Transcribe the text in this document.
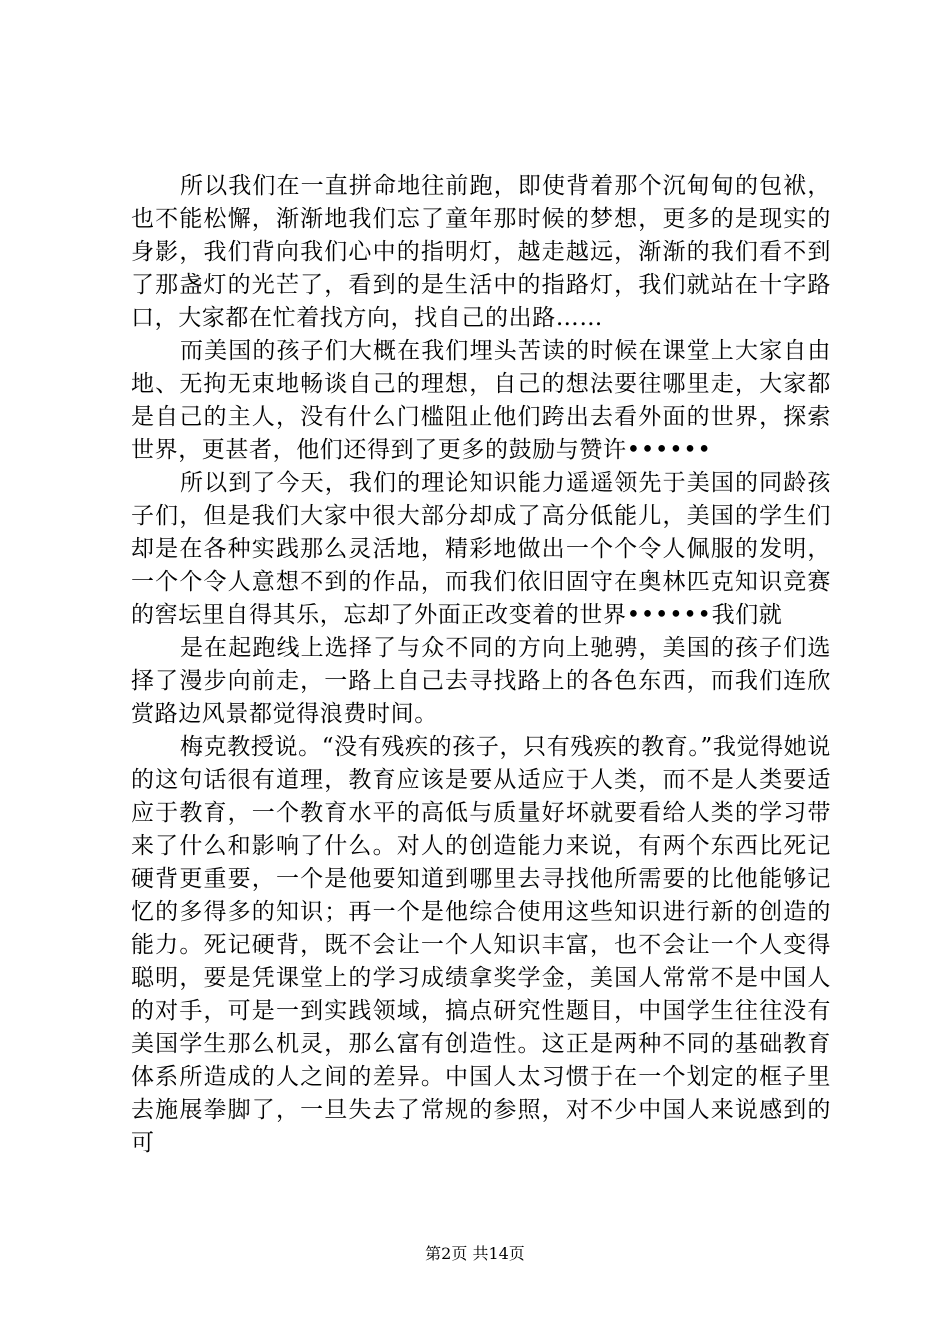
所以我们在一直拼命地往前跑，即使背着那个沉甸甸的包袱，也不能松懈，渐渐地我们忘了童年那时候的梦想，更多的是现实的身影，我们背向我们心中的指明灯，越走越远，渐渐的我们看不到了那盏灯的光芒了，看到的是生活中的指路灯，我们就站在十字路口，大家都在忙着找方向，找自己的出路……

而美国的孩子们大概在我们埋头苦读的时候在课堂上大家自由地、无拘无束地畅谈自己的理想，自己的想法要往哪里走，大家都是自己的主人，没有什么门槛阻止他们跨出去看外面的世界，探索世界，更甚者，他们还得到了更多的鼓励与赞许••••••

所以到了今天，我们的理论知识能力遥遥领先于美国的同龄孩子们，但是我们大家中很大部分却成了高分低能儿，美国的学生们却是在各种实践那么灵活地，精彩地做出一个个令人佩服的发明，一个个令人意想不到的作品，而我们依旧固守在奥林匹克知识竞赛的窖坛里自得其乐，忘却了外面正改变着的世界••••••我们就

是在起跑线上选择了与众不同的方向上驰骋，美国的孩子们选择了漫步向前走，一路上自己去寻找路上的各色东西，而我们连欣赏路边风景都觉得浪费时间。

梅克教授说。“没有残疾的孩子，只有残疾的教育。”我觉得她说的这句话很有道理，教育应该是要从适应于人类，而不是人类要适应于教育，一个教育水平的高低与质量好坏就要看给人类的学习带来了什么和影响了什么。对人的创造能力来说，有两个东西比死记硬背更重要，一个是他要知道到哪里去寻找他所需要的比他能够记忆的多得多的知识；再一个是他综合使用这些知识进行新的创造的能力。死记硬背，既不会让一个人知识丰富，也不会让一个人变得聪明，要是凭课堂上的学习成绩拿奖学金，美国人常常不是中国人的对手，可是一到实践领域，搞点研究性题目，中国学生往往没有美国学生那么机灵，那么富有创造性。这正是两种不同的基础教育体系所造成的人之间的差异。中国人太习惯于在一个划定的框子里去施展拳脚了，一旦失去了常规的参照，对不少中国人来说感到的可

第2页 共14页
